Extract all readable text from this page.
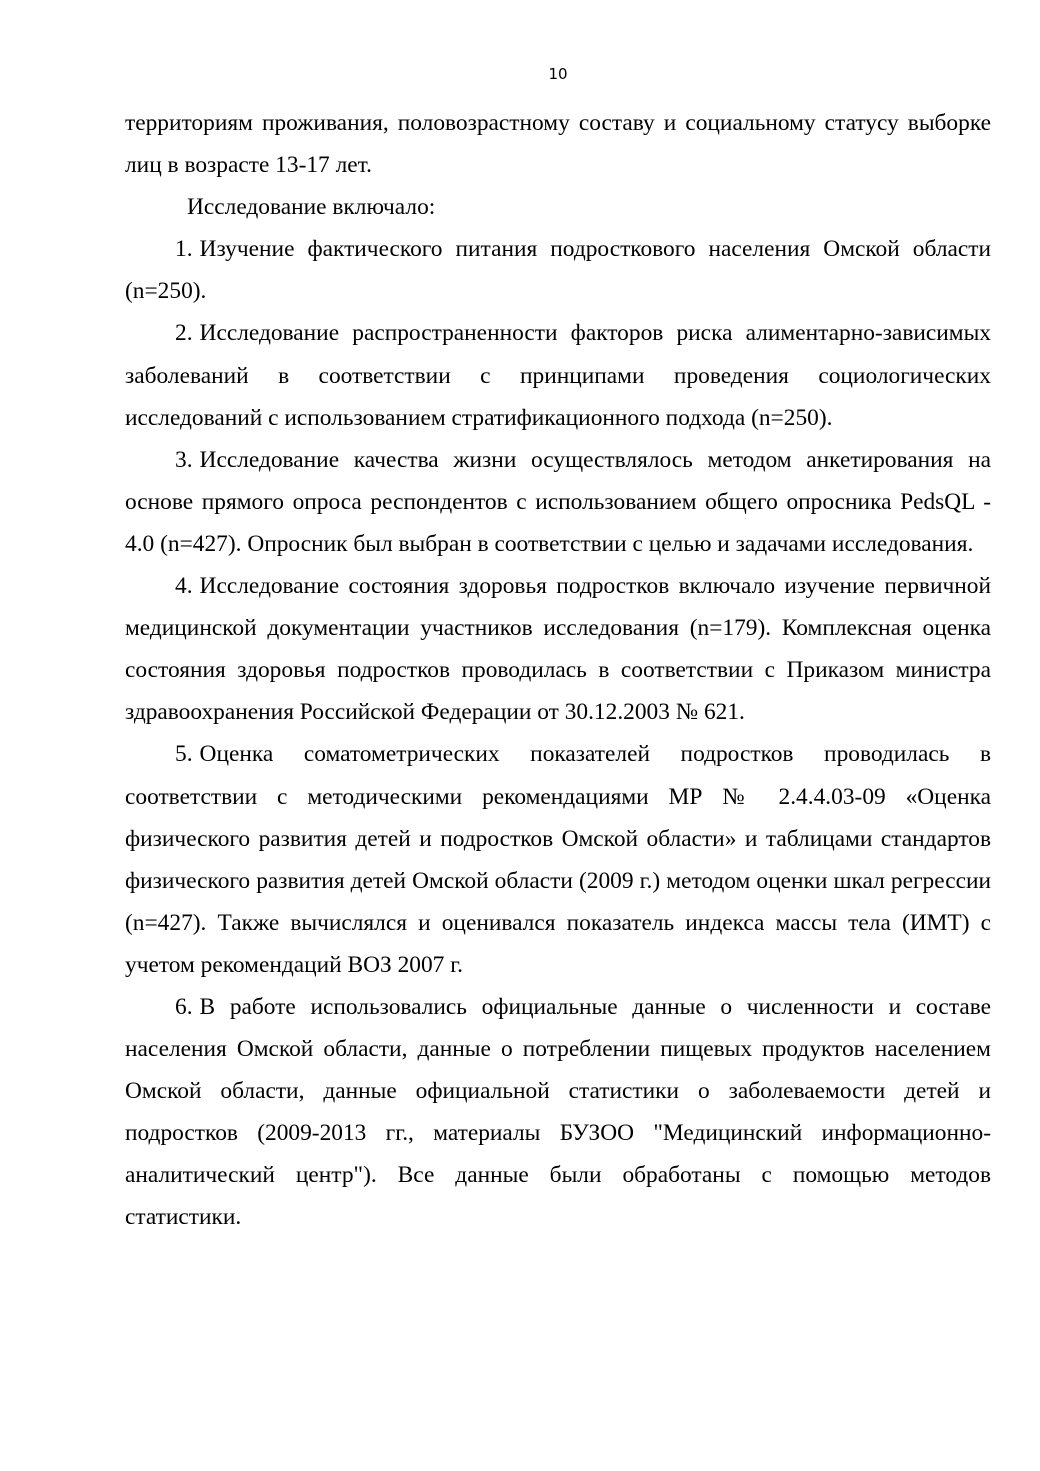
10

территориям проживания, половозрастному составу и социальному статусу выборке лиц в возрасте 13-17 лет.

Исследование включало:

1. Изучение фактического питания подросткового населения Омской области (n=250).

2. Исследование распространенности факторов риска алиментарно-зависимых заболеваний в соответствии с принципами проведения социологических исследований с использованием стратификационного подхода (n=250).

3. Исследование качества жизни осуществлялось методом анкетирования на основе прямого опроса респондентов с использованием общего опросника PedsQL - 4.0 (n=427). Опросник был выбран в соответствии с целью и задачами исследования.

4. Исследование состояния здоровья подростков включало изучение первичной медицинской документации участников исследования (n=179). Комплексная оценка состояния здоровья подростков проводилась в соответствии с Приказом министра здравоохранения Российской Федерации от 30.12.2003 № 621.

5. Оценка соматометрических показателей подростков проводилась в соответствии с методическими рекомендациями МР № 2.4.4.03-09 «Оценка физического развития детей и подростков Омской области» и таблицами стандартов физического развития детей Омской области (2009 г.) методом оценки шкал регрессии (n=427). Также вычислялся и оценивался показатель индекса массы тела (ИМТ) с учетом рекомендаций ВОЗ 2007 г.

6. В работе использовались официальные данные о численности и составе населения Омской области, данные о потреблении пищевых продуктов населением Омской области, данные официальной статистики о заболеваемости детей и подростков (2009-2013 гг., материалы БУЗОО "Медицинский информационно-аналитический центр"). Все данные были обработаны с помощью методов статистики.
